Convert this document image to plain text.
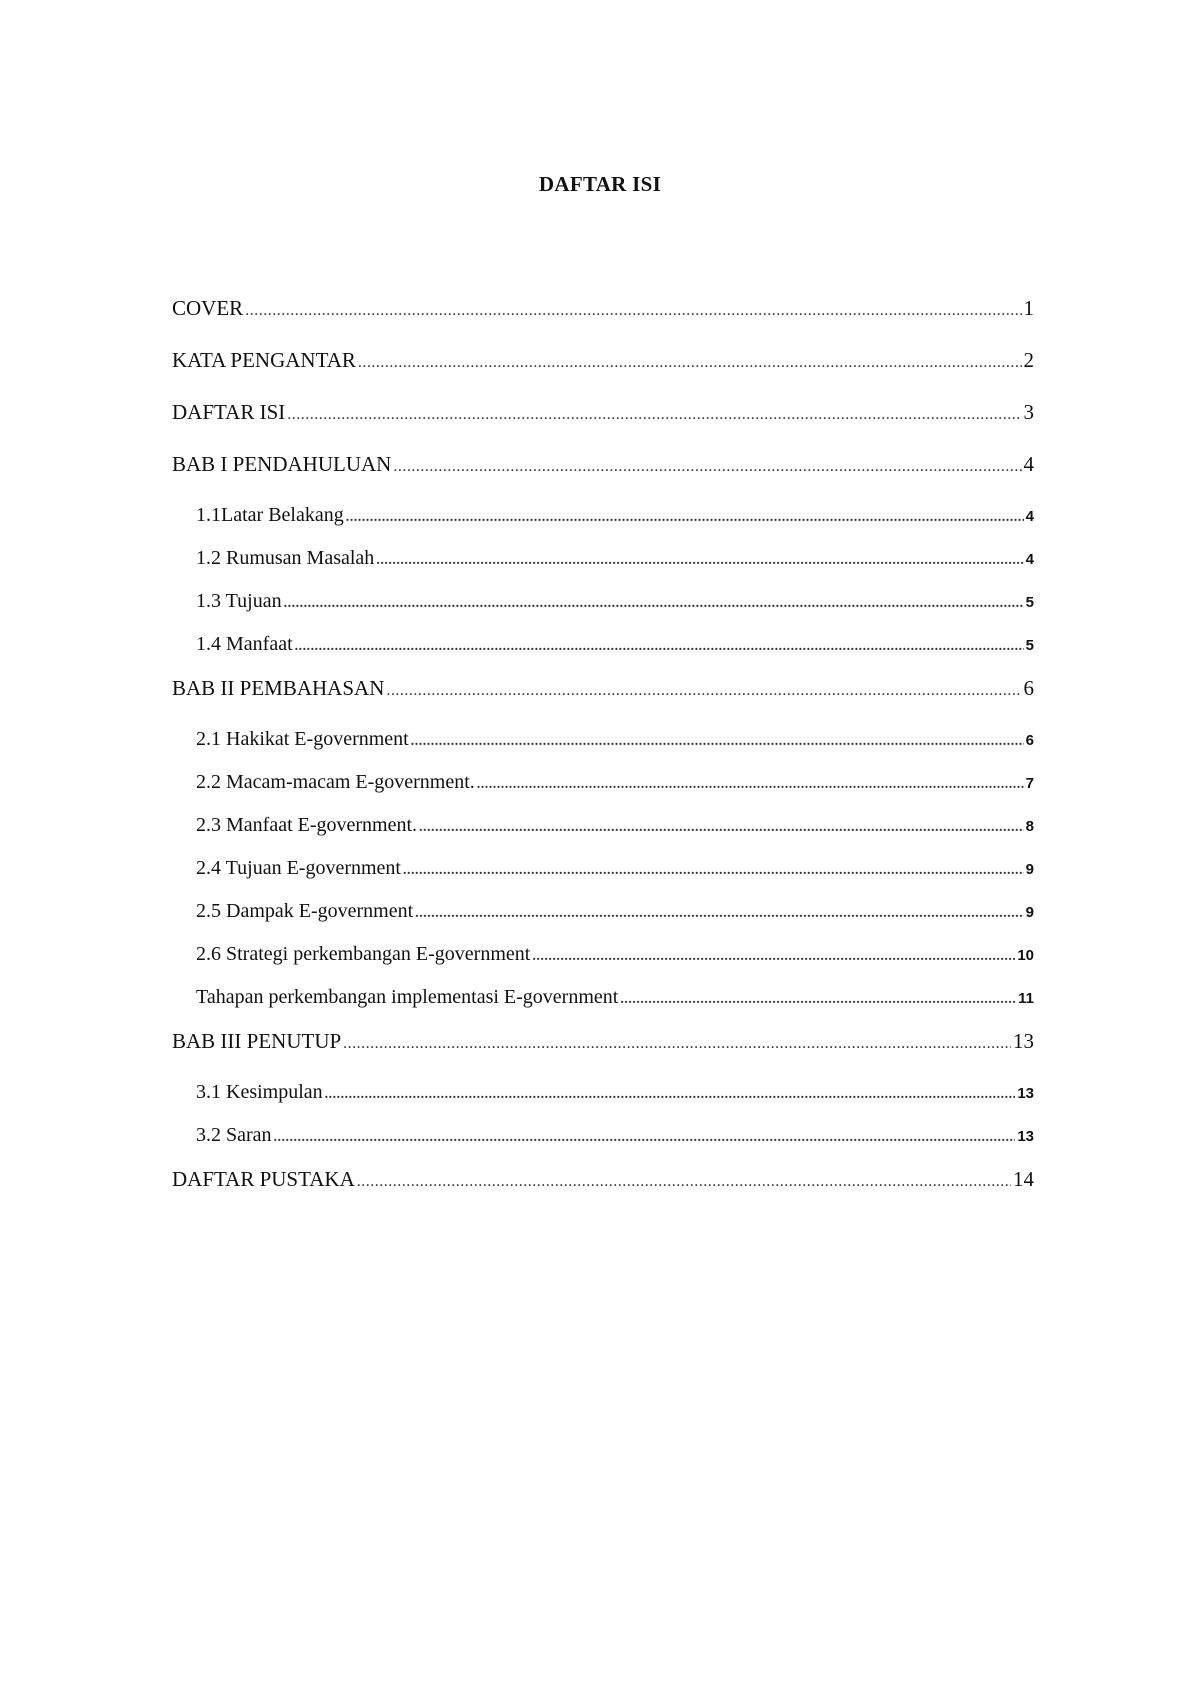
DAFTAR ISI
COVER .....	1
KATA PENGANTAR .....	2
DAFTAR ISI .....	3
BAB I PENDAHULUAN .....	4
1.1Latar Belakang .....	4
1.2 Rumusan Masalah .....	4
1.3 Tujuan .....	5
1.4 Manfaat .....	5
BAB II PEMBAHASAN .....	6
2.1 Hakikat E-government .....	6
2.2 Macam-macam E-government. .....	7
2.3 Manfaat E-government. .....	8
2.4 Tujuan E-government .....	9
2.5 Dampak E-government .....	9
2.6 Strategi perkembangan E-government .....	10
Tahapan perkembangan implementasi E-government .....	11
BAB III PENUTUP .....	13
3.1 Kesimpulan .....	13
3.2 Saran .....	13
DAFTAR PUSTAKA .....	14
